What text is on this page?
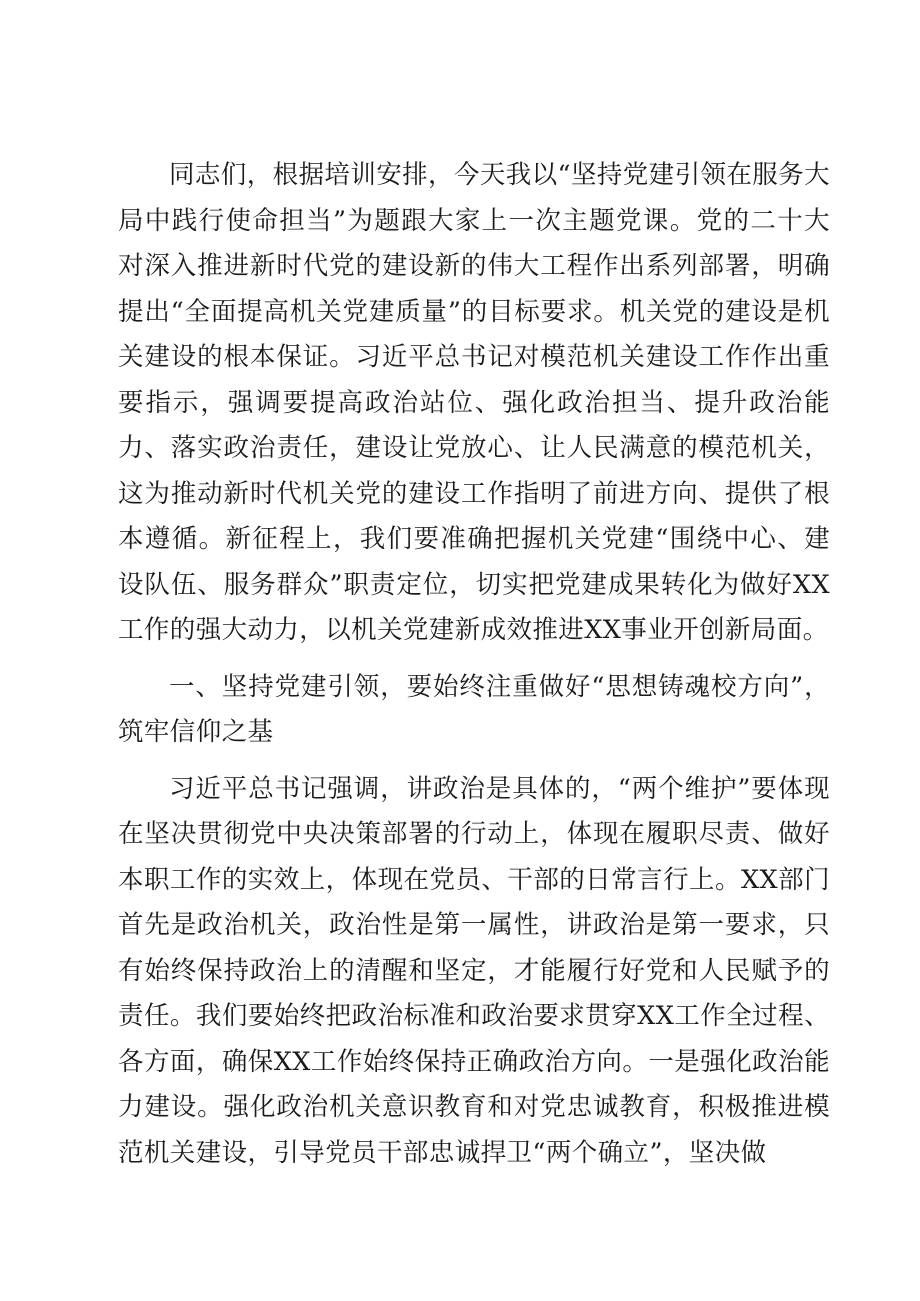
同志们，根据培训安排，今天我以“坚持党建引领在服务大局中践行使命担当”为题跟大家上一次主题党课。党的二十大对深入推进新时代党的建设新的伟大工程作出系列部署，明确提出“全面提高机关党建质量”的目标要求。机关党的建设是机关建设的根本保证。习近平总书记对模范机关建设工作作出重要指示，强调要提高政治站位、强化政治担当、提升政治能力、落实政治责任，建设让党放心、让人民满意的模范机关，这为推动新时代机关党的建设工作指明了前进方向、提供了根本遵循。新征程上，我们要准确把握机关党建“围绕中心、建设队伍、服务群众”职责定位，切实把党建成果转化为做好XX工作的强大动力，以机关党建新成效推进XX事业开创新局面。

一、坚持党建引领，要始终注重做好“思想铸魂校方向”，筑牢信仰之基

习近平总书记强调，讲政治是具体的，“两个维护”要体现在坚决贯彻党中央决策部署的行动上，体现在履职尽责、做好本职工作的实效上，体现在党员、干部的日常言行上。XX部门首先是政治机关，政治性是第一属性，讲政治是第一要求，只有始终保持政治上的清醒和坚定，才能履行好党和人民赋予的责任。我们要始终把政治标准和政治要求贯穿XX工作全过程、各方面，确保XX工作始终保持正确政治方向。一是强化政治能力建设。强化政治机关意识教育和对党忠诚教育，积极推进模范机关建设，引导党员干部忠诚捍卫“两个确立”，坚决做
